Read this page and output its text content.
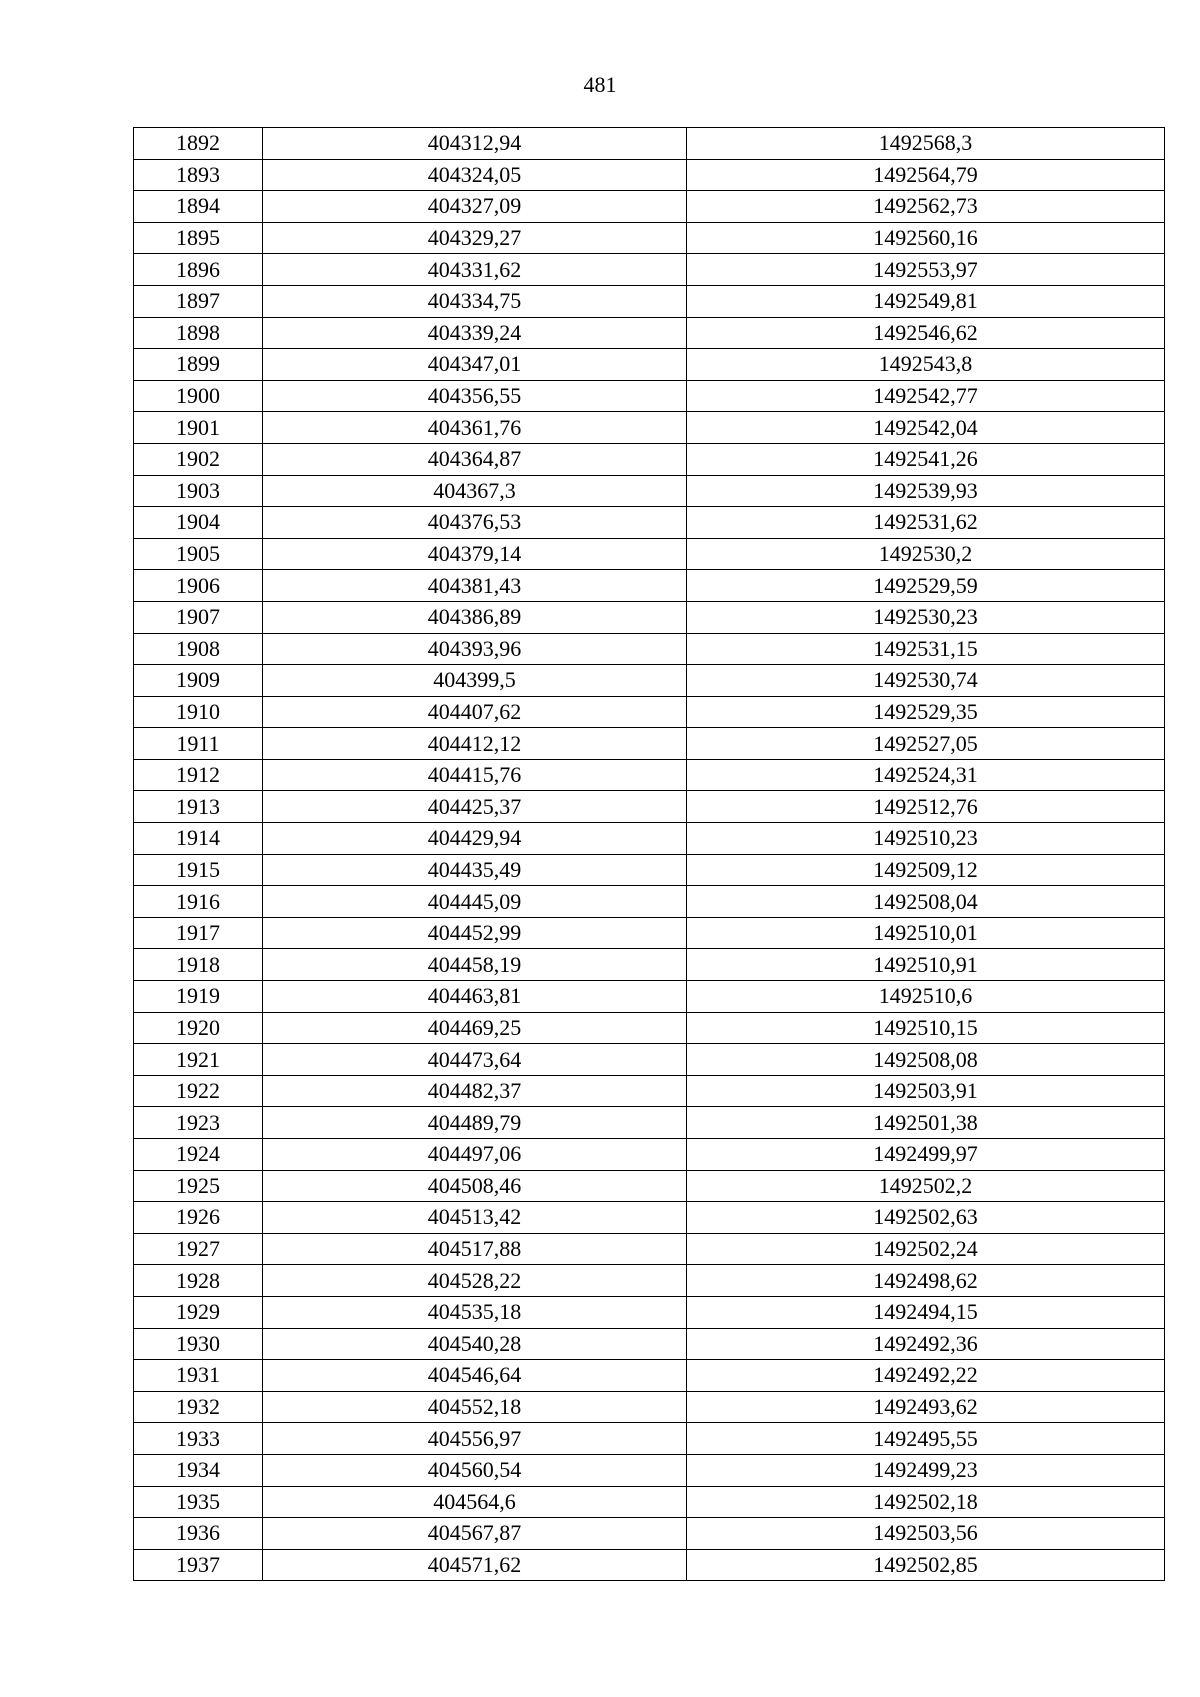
481
1892	404312,94	1492568,3
1893	404324,05	1492564,79
1894	404327,09	1492562,73
1895	404329,27	1492560,16
1896	404331,62	1492553,97
1897	404334,75	1492549,81
1898	404339,24	1492546,62
1899	404347,01	1492543,8
1900	404356,55	1492542,77
1901	404361,76	1492542,04
1902	404364,87	1492541,26
1903	404367,3	1492539,93
1904	404376,53	1492531,62
1905	404379,14	1492530,2
1906	404381,43	1492529,59
1907	404386,89	1492530,23
1908	404393,96	1492531,15
1909	404399,5	1492530,74
1910	404407,62	1492529,35
1911	404412,12	1492527,05
1912	404415,76	1492524,31
1913	404425,37	1492512,76
1914	404429,94	1492510,23
1915	404435,49	1492509,12
1916	404445,09	1492508,04
1917	404452,99	1492510,01
1918	404458,19	1492510,91
1919	404463,81	1492510,6
1920	404469,25	1492510,15
1921	404473,64	1492508,08
1922	404482,37	1492503,91
1923	404489,79	1492501,38
1924	404497,06	1492499,97
1925	404508,46	1492502,2
1926	404513,42	1492502,63
1927	404517,88	1492502,24
1928	404528,22	1492498,62
1929	404535,18	1492494,15
1930	404540,28	1492492,36
1931	404546,64	1492492,22
1932	404552,18	1492493,62
1933	404556,97	1492495,55
1934	404560,54	1492499,23
1935	404564,6	1492502,18
1936	404567,87	1492503,56
1937	404571,62	1492502,85
